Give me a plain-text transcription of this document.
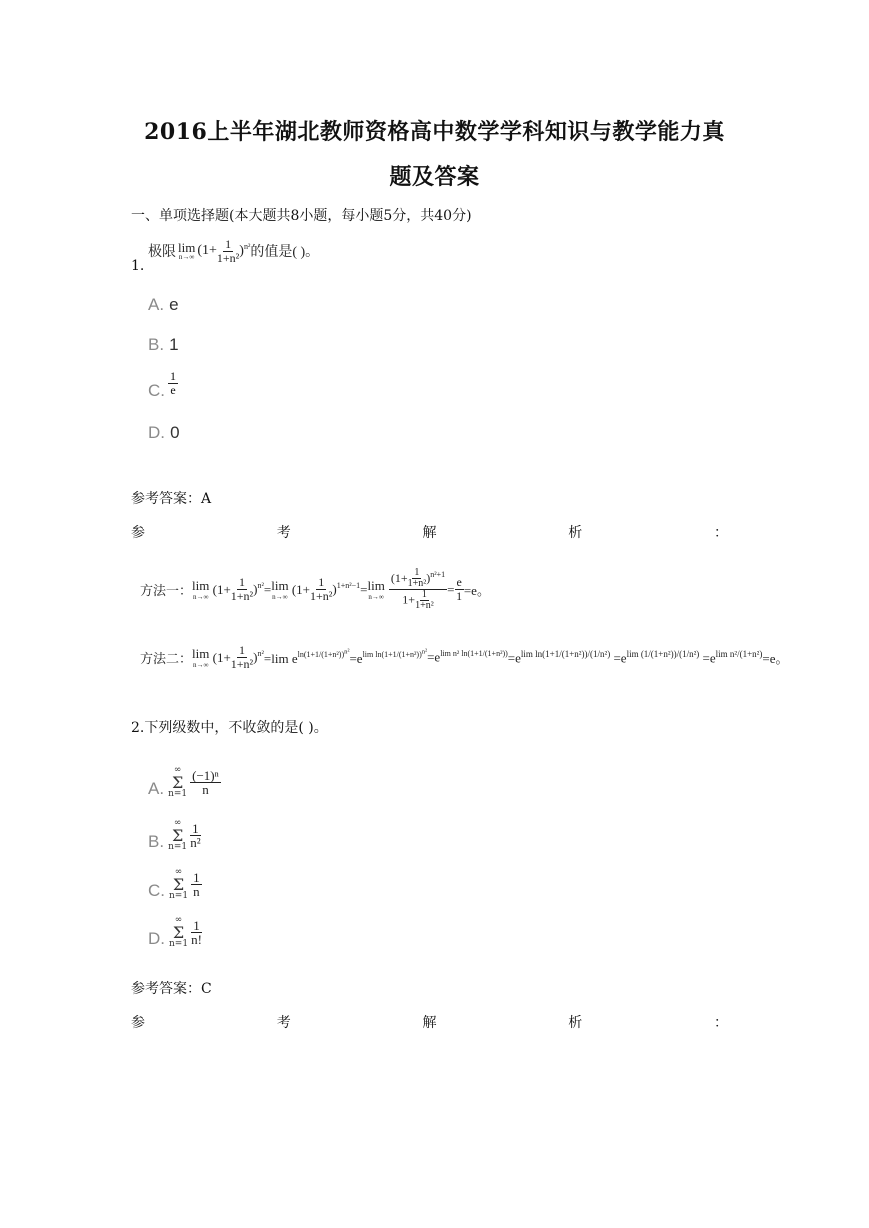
2016上半年湖北教师资格高中数学学科知识与教学能力真
题及答案
一、单项选择题(本大题共8小题，每小题5分，共40分)
1.
极限 lim
n→∞ $(1+ \frac{1}{\text{1+n²}} )^{n^2}$ 的值是( )。
A. e
B. 1
C. $\frac{1}{e}$
D. 0
参考答案：A
参	考	解	析	：
方法一： lim
n→∞
$(1+ \frac{1}{\text{1+n²}} )^{n^2} = \lim$
n→∞
$(1+ \frac{1}{\text{1+n²}} )^{1+n^2-1} = \lim$
$n\to\infty \frac{(1+ \frac{1}{\text{1+n²}} )^{n^2+1}}{1+ \frac{1}{\text{1+n²}}} = \frac{e}{1} =e$。
方法二： lim
n→∞
$(1+ \frac{1}{\text{1+n²}} )^{n^2} =\lim$ $e^{ln(1+1/(1+n^2))^{n^2}} =e^{lim ln(1+1/(1+n^2))^{n^2}} =e^{lim n^2 ln(1+1/(1+n^2))} =e^{lim ln(1+1/(1+n^2))/(1/n^2)} =e^{lim (1/(1+n^2))/(1/n^2)} =e^{lim n^2/(1+n^2)} =e$。
2.下列级数中，不收敛的是( )。
A.
∞
Σ
$n=1 \frac{\text{(−1)ⁿ}}{n}$
B.
∞
Σ
$n=1 \frac{1}{\text{n²}}$
C.
∞
Σ
$n=1 \frac{1}{n}$
D.
∞
Σ
$n=1 \frac{1}{n!}$
参考答案：C
参	考	解	析	：
